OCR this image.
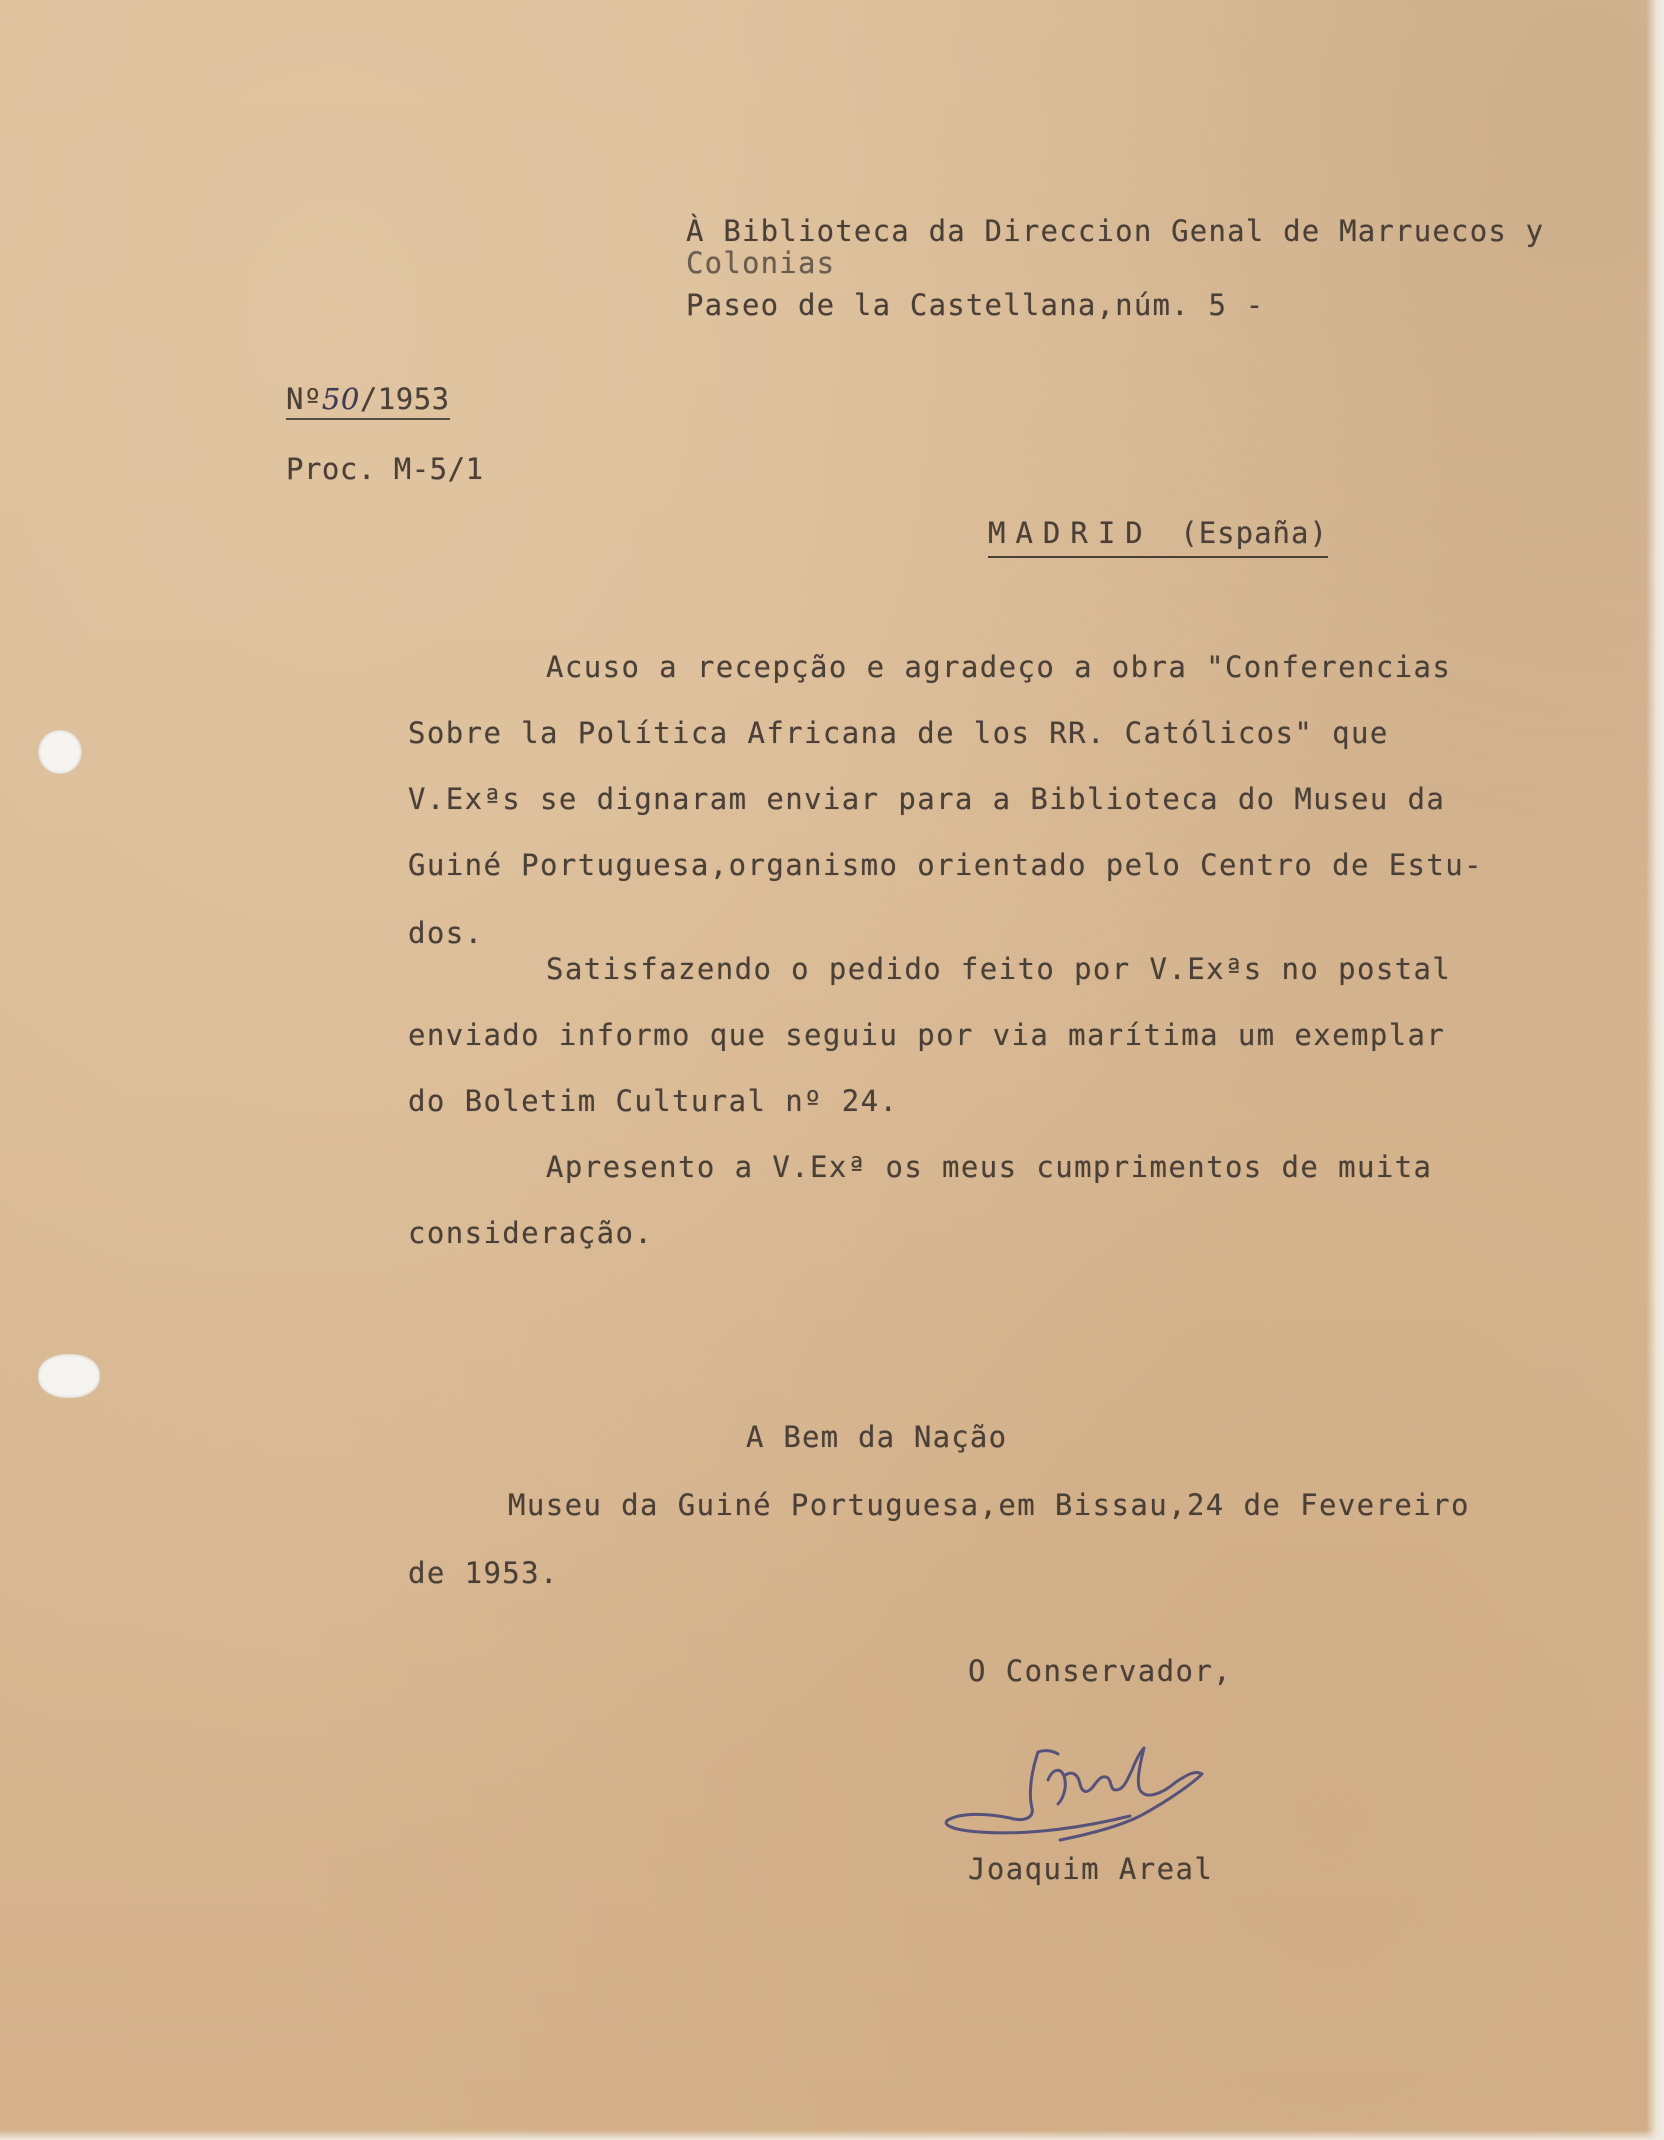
À Biblioteca da Direccion Genal de Marruecos y
Colonias
Paseo de la Castellana,núm. 5 -
Nº50/1953
Proc. M-5/1
MADRID (España)
Acuso a recepção e agradeço a obra "Conferencias
Sobre la Política Africana de los RR. Católicos" que
V.Exªs se dignaram enviar para a Biblioteca do Museu da
Guiné Portuguesa,organismo orientado pelo Centro de Estu-
dos.
Satisfazendo o pedido feito por V.Exªs no postal
enviado informo que seguiu por via marítima um exemplar
do Boletim Cultural nº 24.
Apresento a V.Exª os meus cumprimentos de muita
consideração.
A Bem da Nação
Museu da Guiné Portuguesa,em Bissau,24 de Fevereiro
de 1953.
O Conservador,
Joaquim Areal
